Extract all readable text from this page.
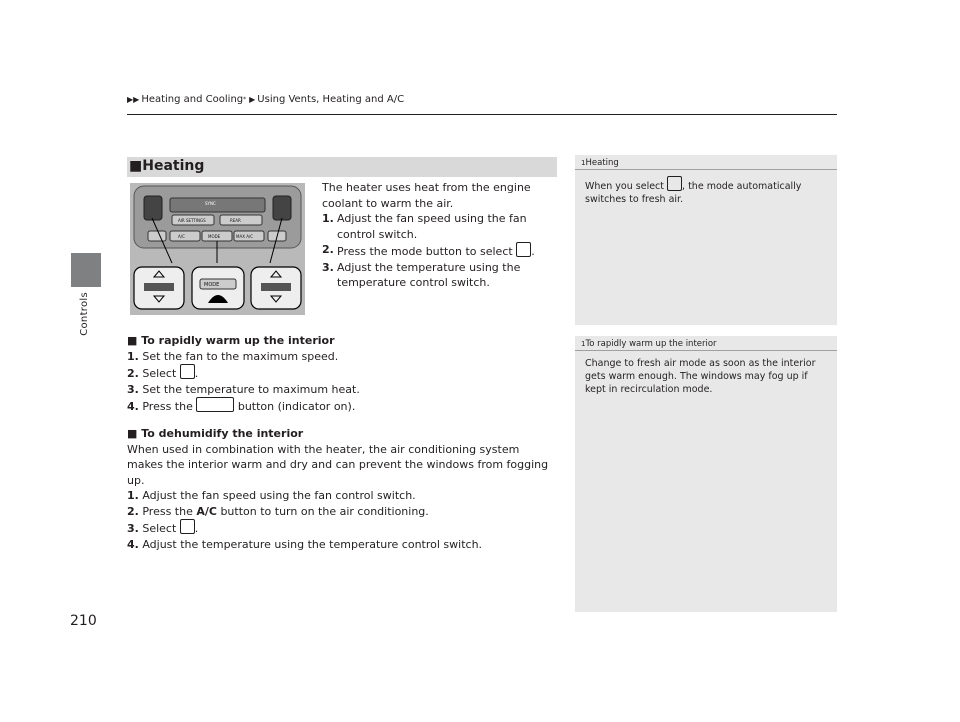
▶▶ Heating and Cooling * ▶ Using Vents, Heating and A/C
Controls
210
■Heating
SYNC
AIR SETTINGS	REAR
A/C	MODE	MAX A/C
MODE
The heater uses heat from the engine coolant to warm the air.
1. Adjust the fan speed using the fan control switch.
2. Press the mode button to select .
3. Adjust the temperature using the temperature control switch.
■ To rapidly warm up the interior
1. Set the fan to the maximum speed.
2. Select .
3. Set the temperature to maximum heat.
4. Press the	button (indicator on).
■ To dehumidify the interior
When used in combination with the heater, the air conditioning system makes the interior warm and dry and can prevent the windows from fogging up.
1. Adjust the fan speed using the fan control switch.
2. Press the A/C button to turn on the air conditioning.
3. Select .
4. Adjust the temperature using the temperature control switch.
1Heating
When you select , the mode automatically switches to fresh air.
1To rapidly warm up the interior
Change to fresh air mode as soon as the interior gets warm enough. The windows may fog up if kept in recirculation mode.
